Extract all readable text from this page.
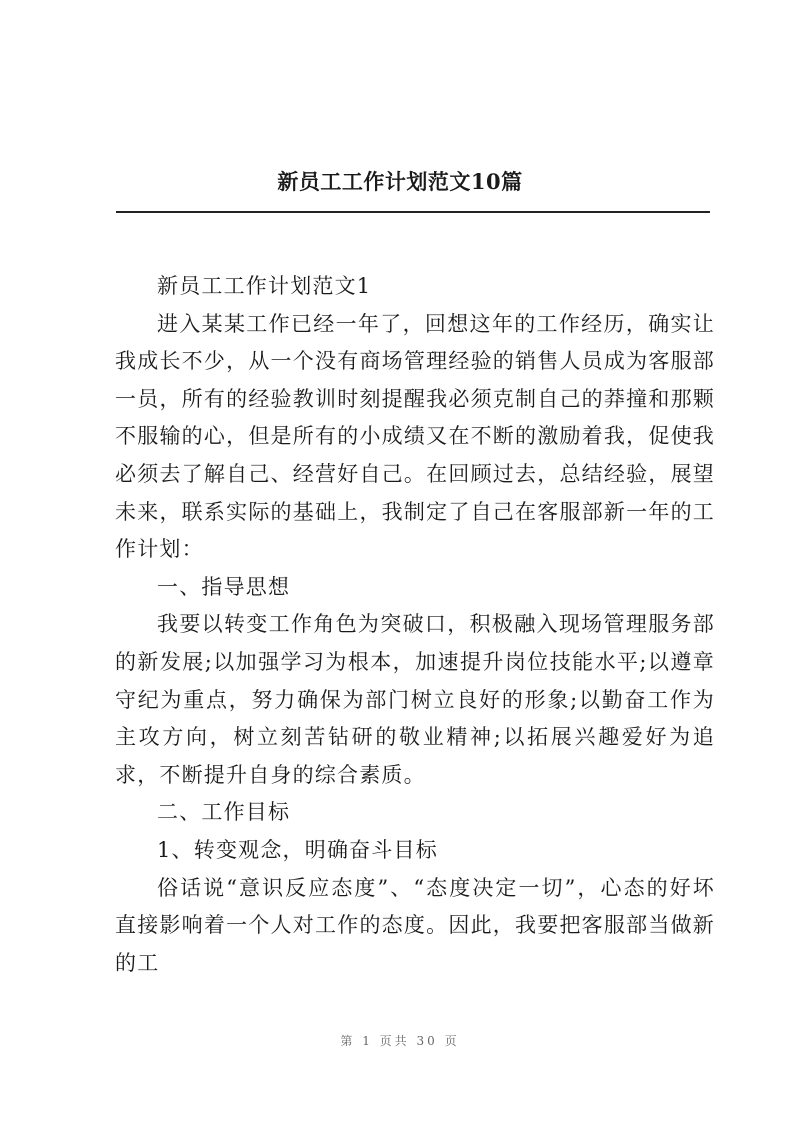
新员工工作计划范文10篇

新员工工作计划范文1

进入某某工作已经一年了，回想这年的工作经历，确实让我成长不少，从一个没有商场管理经验的销售人员成为客服部一员，所有的经验教训时刻提醒我必须克制自己的莽撞和那颗不服输的心，但是所有的小成绩又在不断的激励着我，促使我必须去了解自己、经营好自己。在回顾过去，总结经验，展望未来，联系实际的基础上，我制定了自己在客服部新一年的工作计划：

一、指导思想

我要以转变工作角色为突破口，积极融入现场管理服务部的新发展;以加强学习为根本，加速提升岗位技能水平;以遵章守纪为重点，努力确保为部门树立良好的形象;以勤奋工作为主攻方向，树立刻苦钻研的敬业精神;以拓展兴趣爱好为追求，不断提升自身的综合素质。

二、工作目标

1、转变观念，明确奋斗目标

俗话说“意识反应态度”、“态度决定一切”，心态的好坏直接影响着一个人对工作的态度。因此，我要把客服部当做新的工

第 1 页共 30 页
